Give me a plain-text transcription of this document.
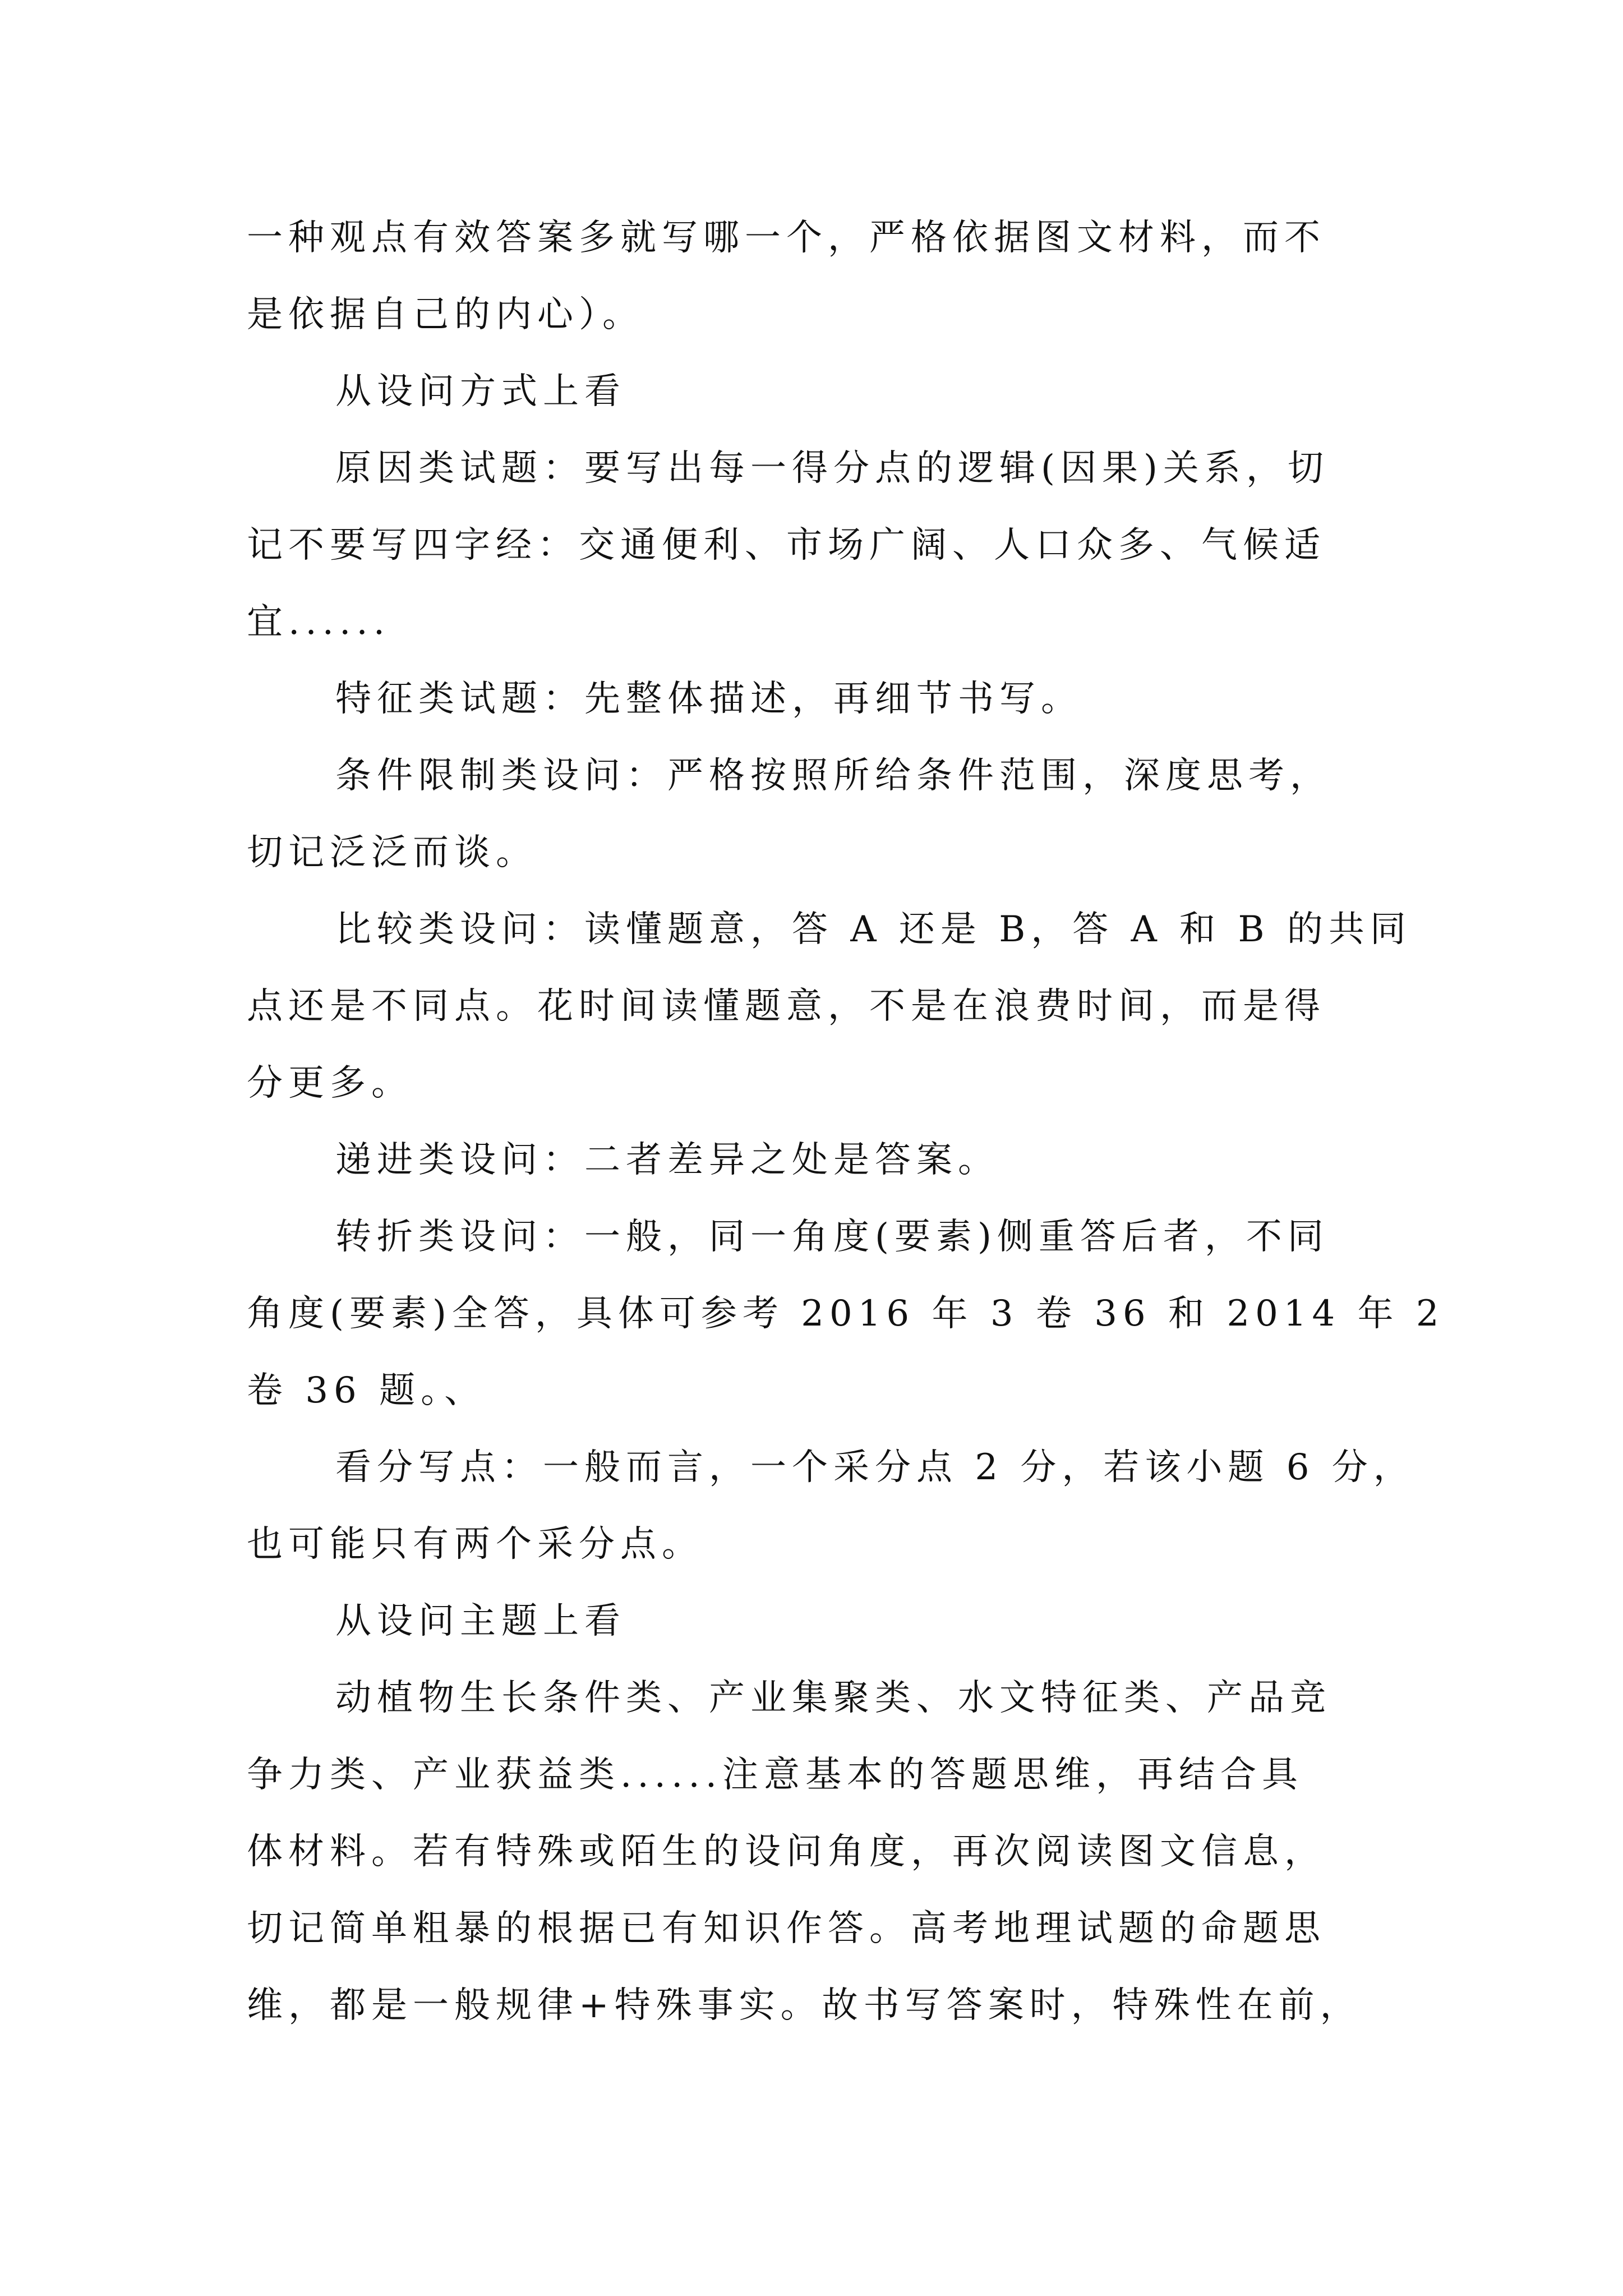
一种观点有效答案多就写哪一个，严格依据图文材料，而不

是依据自己的内心）。

从设问方式上看

原因类试题：要写出每一得分点的逻辑(因果)关系，切

记不要写四字经：交通便利、市场广阔、人口众多、气候适

宜......

特征类试题：先整体描述，再细节书写。

条件限制类设问：严格按照所给条件范围，深度思考，

切记泛泛而谈。

比较类设问：读懂题意，答 A 还是 B，答 A 和 B 的共同

点还是不同点。花时间读懂题意，不是在浪费时间，而是得

分更多。

递进类设问：二者差异之处是答案。

转折类设问：一般，同一角度(要素)侧重答后者，不同

角度(要素)全答，具体可参考 2016 年 3 卷 36 和 2014 年 2

卷 36 题。、

看分写点：一般而言，一个采分点 2 分，若该小题 6 分，

也可能只有两个采分点。

从设问主题上看

动植物生长条件类、产业集聚类、水文特征类、产品竞

争力类、产业获益类......注意基本的答题思维，再结合具

体材料。若有特殊或陌生的设问角度，再次阅读图文信息，

切记简单粗暴的根据已有知识作答。高考地理试题的命题思

维，都是一般规律+特殊事实。故书写答案时，特殊性在前，
